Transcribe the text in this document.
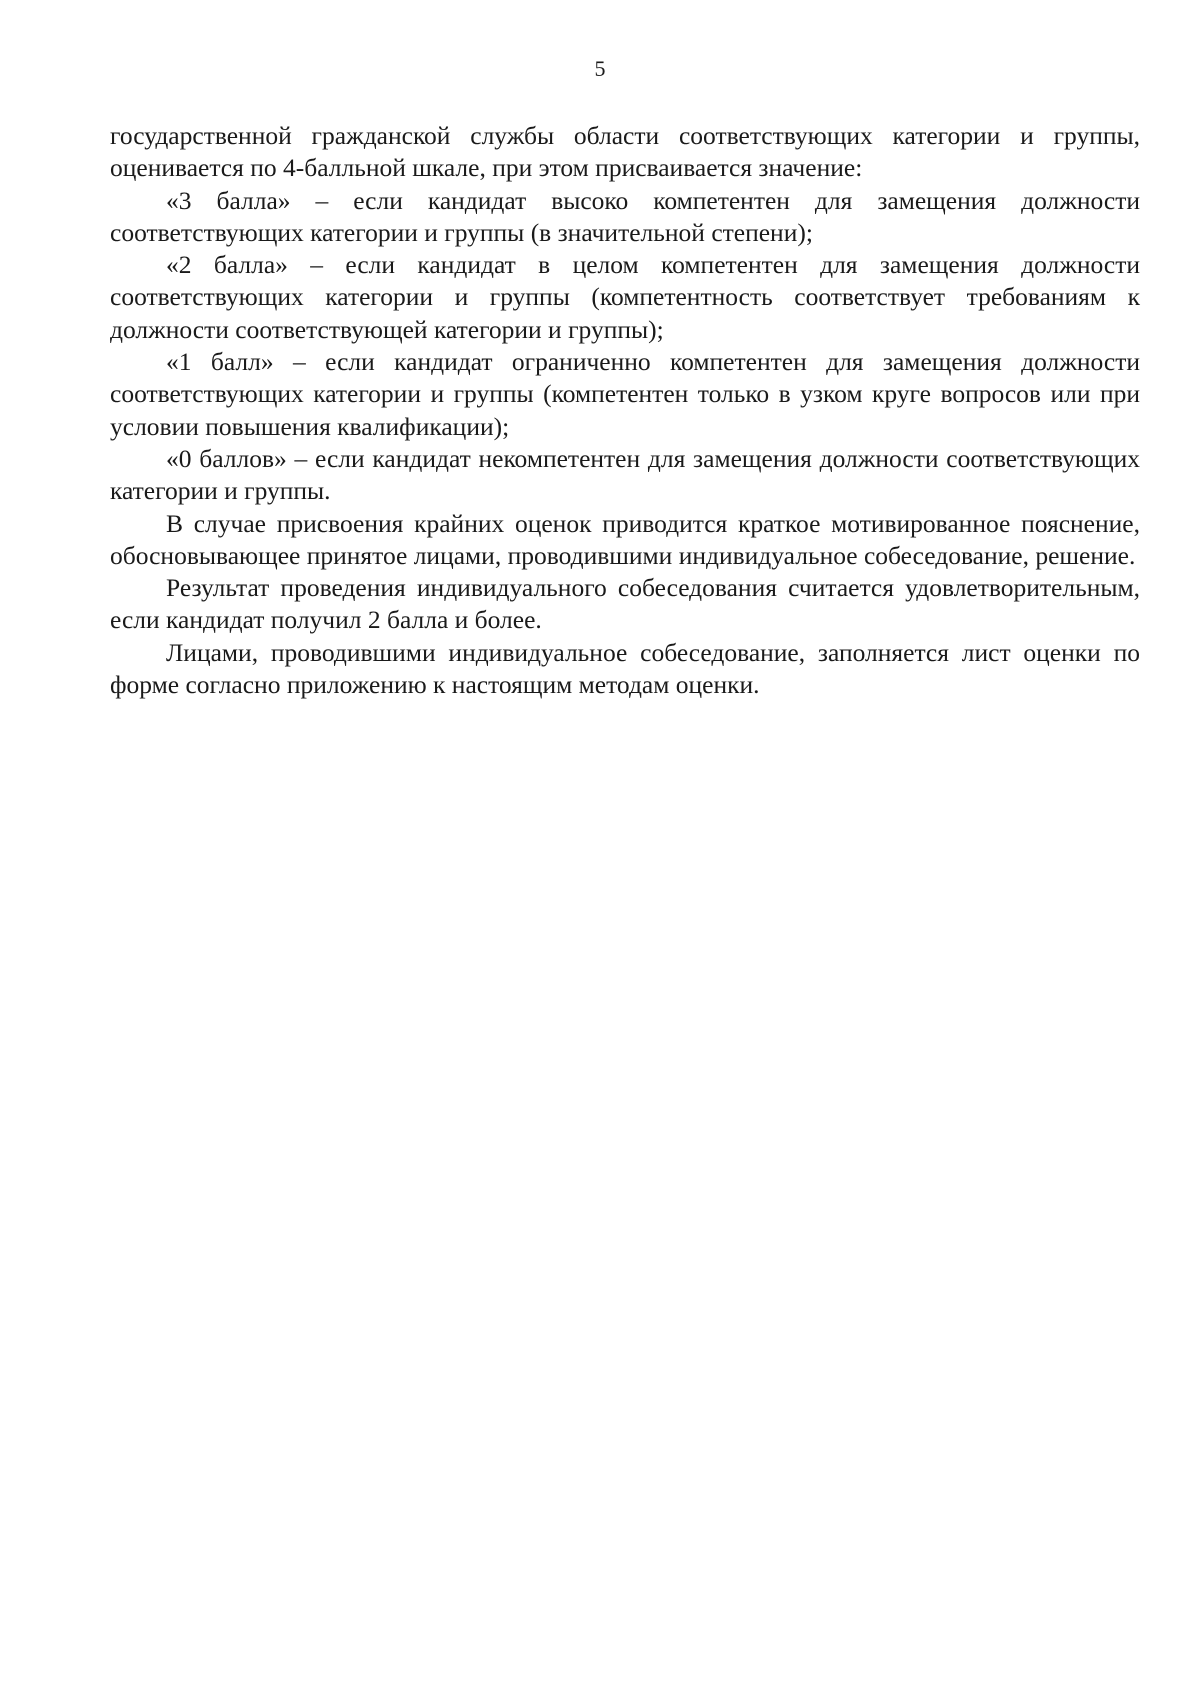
5

государственной гражданской службы области соответствующих категории и группы, оценивается по 4-балльной шкале, при этом присваивается значение:

«3 балла» – если кандидат высоко компетентен для замещения должности соответствующих категории и группы (в значительной степени);

«2 балла» – если кандидат в целом компетентен для замещения должности соответствующих категории и группы (компетентность соответствует требованиям к должности соответствующей категории и группы);

«1 балл» – если кандидат ограниченно компетентен для замещения должности соответствующих категории и группы (компетентен только в узком круге вопросов или при условии повышения квалификации);

«0 баллов» – если кандидат некомпетентен для замещения должности соответствующих категории и группы.

В случае присвоения крайних оценок приводится краткое мотивированное пояснение, обосновывающее принятое лицами, проводившими индивидуальное собеседование, решение.

Результат проведения индивидуального собеседования считается удовлетворительным, если кандидат получил 2 балла и более.

Лицами, проводившими индивидуальное собеседование, заполняется лист оценки по форме согласно приложению к настоящим методам оценки.
